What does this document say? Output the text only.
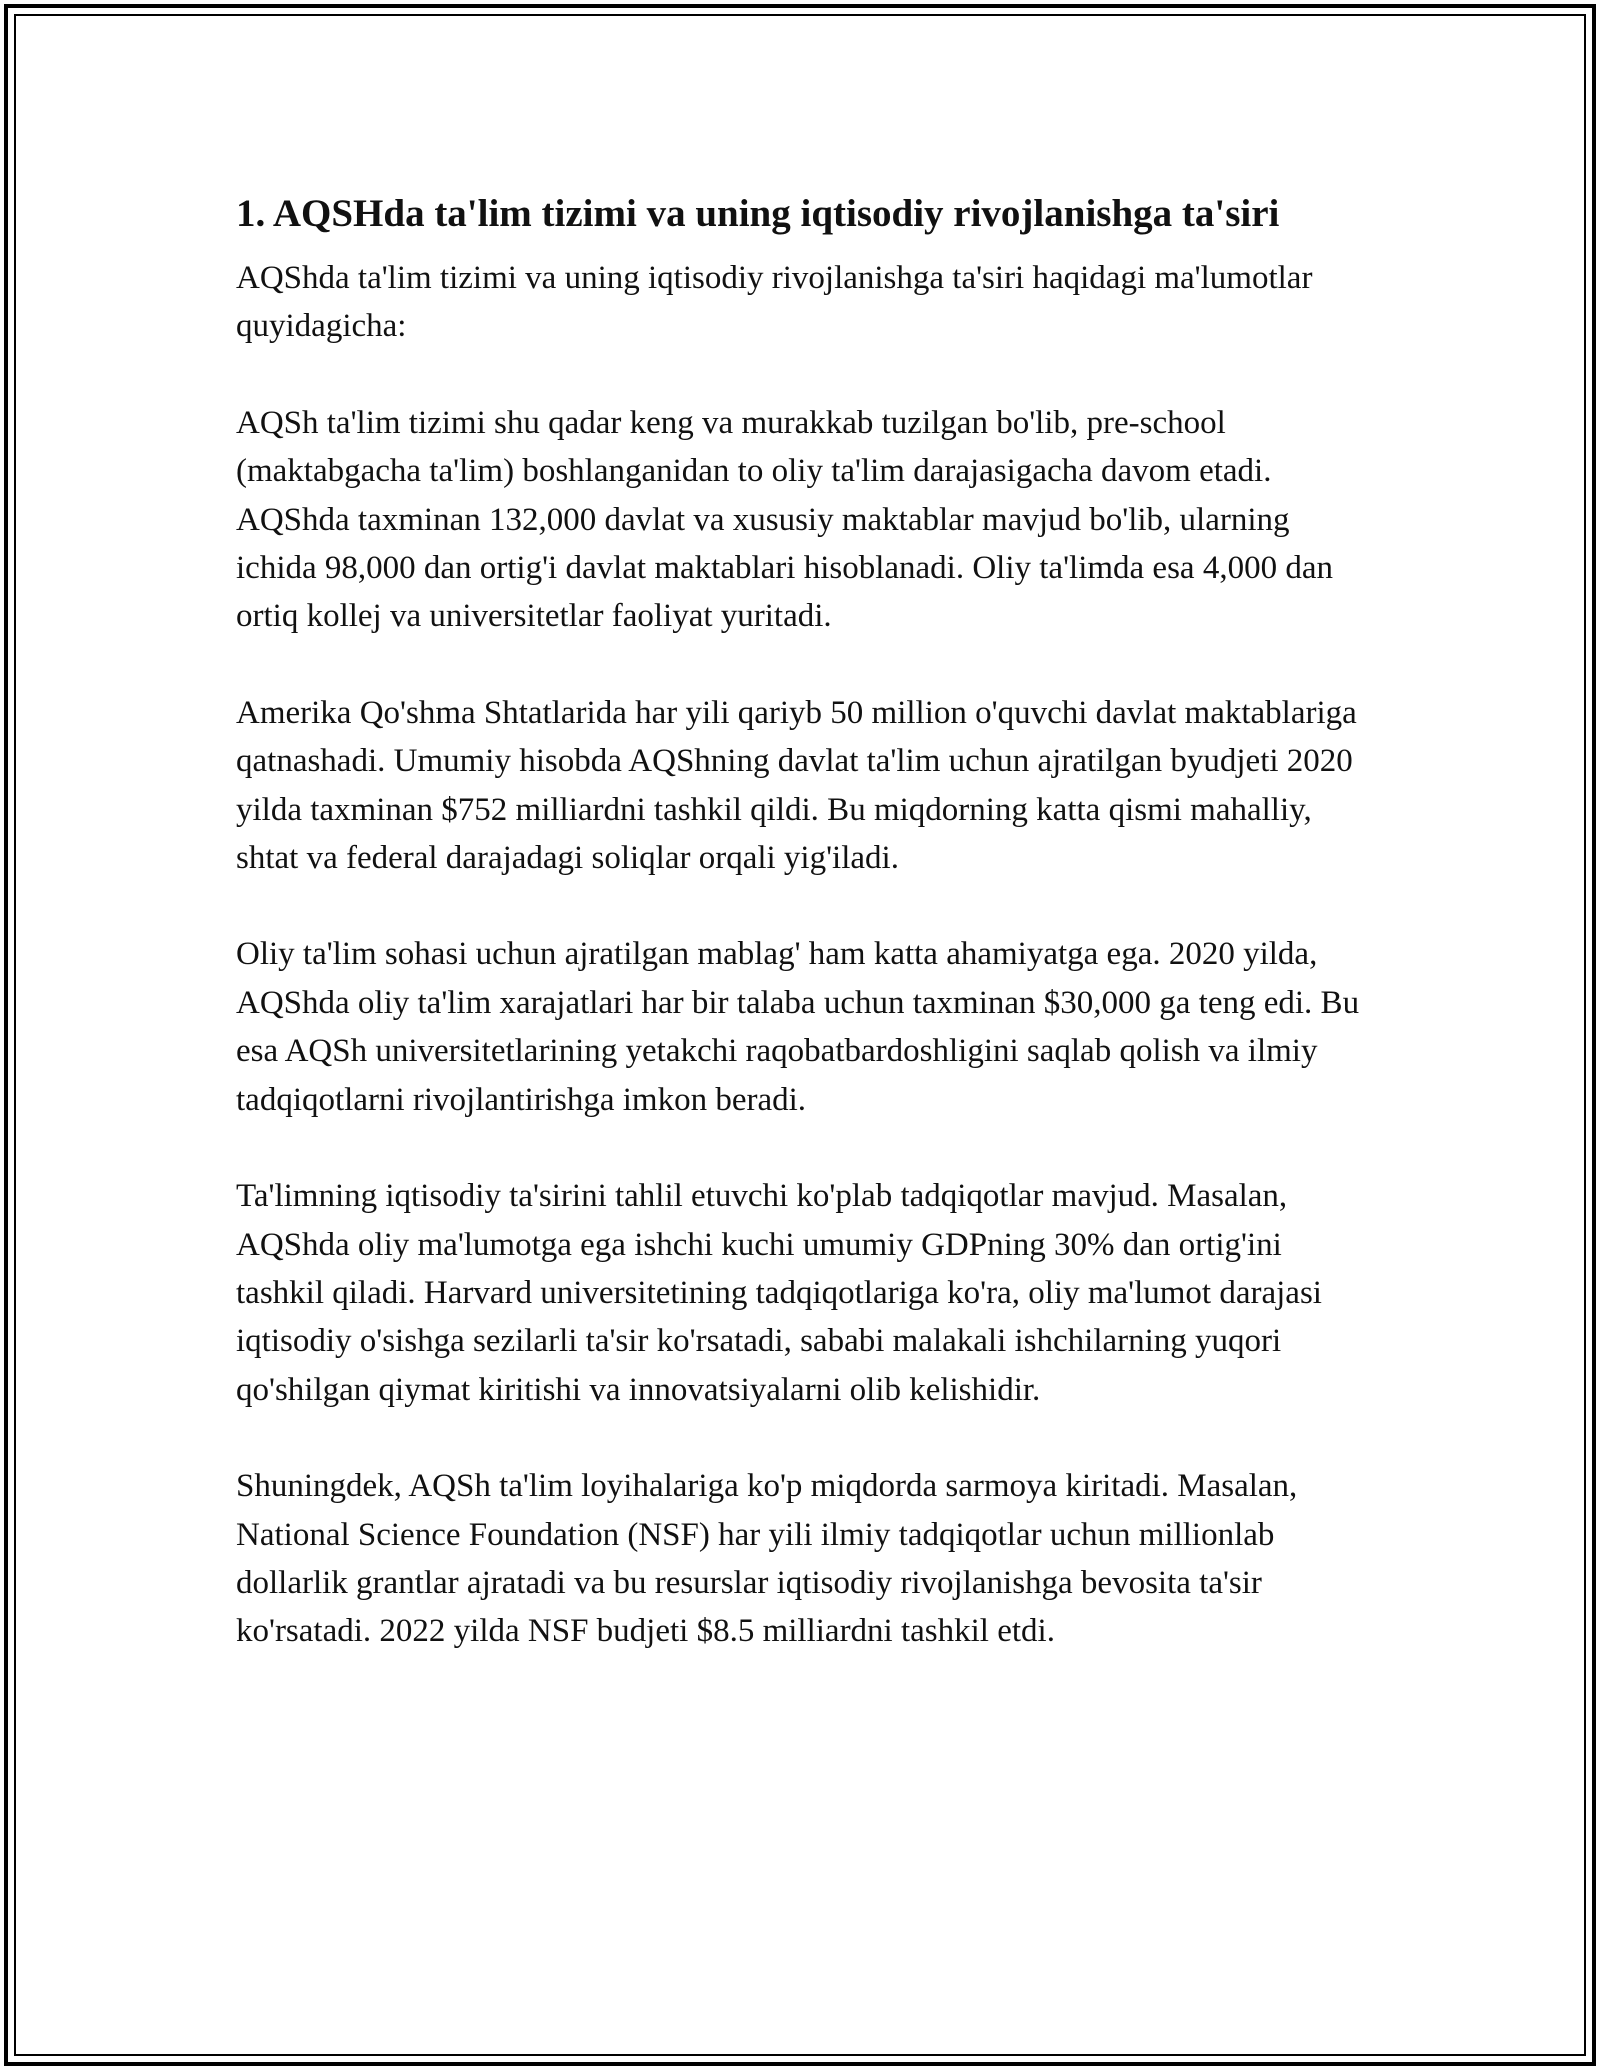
1. AQSHda ta'lim tizimi va uning iqtisodiy rivojlanishga ta'siri

AQShda ta'lim tizimi va uning iqtisodiy rivojlanishga ta'siri haqidagi ma'lumotlar quyidagicha:

AQSh ta'lim tizimi shu qadar keng va murakkab tuzilgan bo'lib, pre-school (maktabgacha ta'lim) boshlanganidan to oliy ta'lim darajasigacha davom etadi. AQShda taxminan 132,000 davlat va xususiy maktablar mavjud bo'lib, ularning ichida 98,000 dan ortig'i davlat maktablari hisoblanadi. Oliy ta'limda esa 4,000 dan ortiq kollej va universitetlar faoliyat yuritadi.

Amerika Qo'shma Shtatlarida har yili qariyb 50 million o'quvchi davlat maktablariga qatnashadi. Umumiy hisobda AQShning davlat ta'lim uchun ajratilgan byudjeti 2020 yilda taxminan $752 milliardni tashkil qildi. Bu miqdorning katta qismi mahalliy, shtat va federal darajadagi soliqlar orqali yig'iladi.

Oliy ta'lim sohasi uchun ajratilgan mablag' ham katta ahamiyatga ega. 2020 yilda, AQShda oliy ta'lim xarajatlari har bir talaba uchun taxminan $30,000 ga teng edi. Bu esa AQSh universitetlarining yetakchi raqobatbardoshligini saqlab qolish va ilmiy tadqiqotlarni rivojlantirishga imkon beradi.

Ta'limning iqtisodiy ta'sirini tahlil etuvchi ko'plab tadqiqotlar mavjud. Masalan, AQShda oliy ma'lumotga ega ishchi kuchi umumiy GDPning 30% dan ortig'ini tashkil qiladi. Harvard universitetining tadqiqotlariga ko'ra, oliy ma'lumot darajasi iqtisodiy o'sishga sezilarli ta'sir ko'rsatadi, sababi malakali ishchilarning yuqori qo'shilgan qiymat kiritishi va innovatsiyalarni olib kelishidir.

Shuningdek, AQSh ta'lim loyihalariga ko'p miqdorda sarmoya kiritadi. Masalan, National Science Foundation (NSF) har yili ilmiy tadqiqotlar uchun millionlab dollarlik grantlar ajratadi va bu resurslar iqtisodiy rivojlanishga bevosita ta'sir ko'rsatadi. 2022 yilda NSF budjeti $8.5 milliardni tashkil etdi.
